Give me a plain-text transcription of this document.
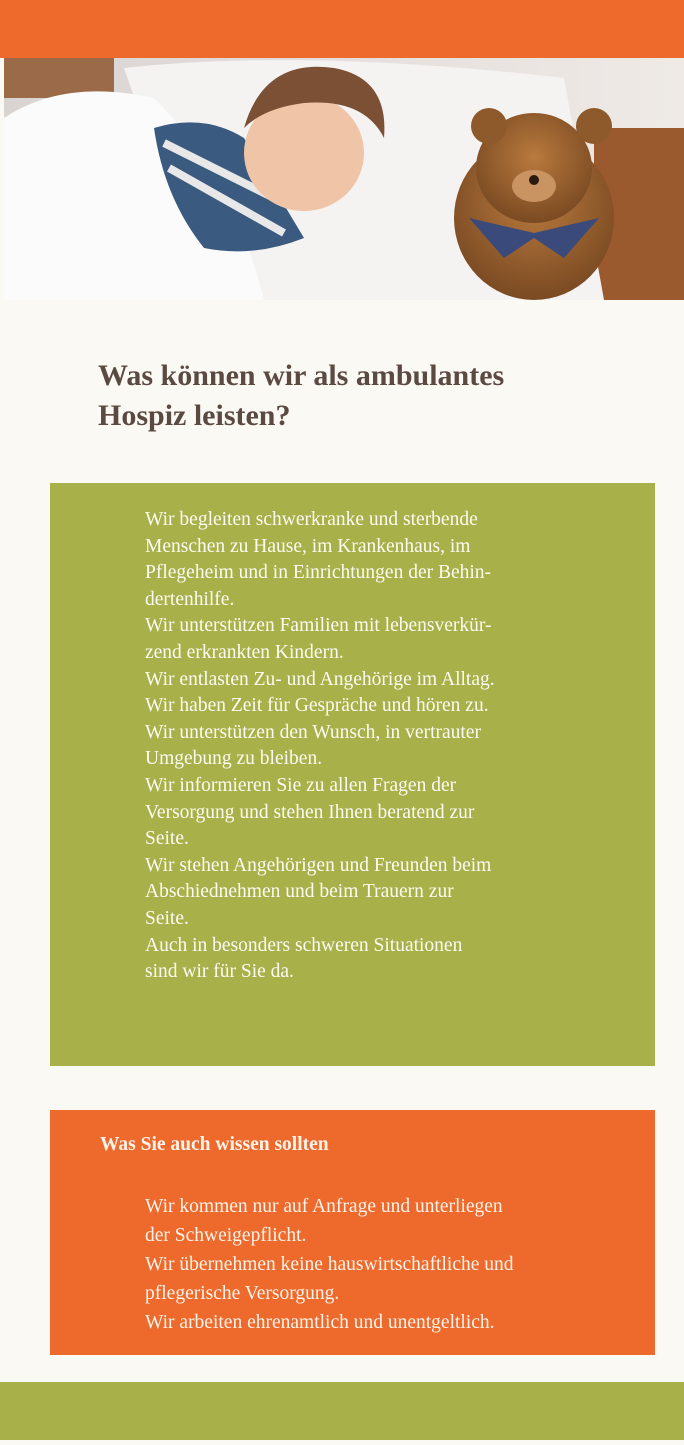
Was können wir als ambulantes
Hospiz leisten?
Wir begleiten schwerkranke und sterbende
Menschen zu Hause, im Krankenhaus, im
Pflegeheim und in Einrichtungen der Behin-
dertenhilfe.
Wir unterstützen Familien mit lebensverkür-
zend erkrankten Kindern.
Wir entlasten Zu- und Angehörige im Alltag.
Wir haben Zeit für Gespräche und hören zu.
Wir unterstützen den Wunsch, in vertrauter
Umgebung zu bleiben.
Wir informieren Sie zu allen Fragen der
Versorgung und stehen Ihnen beratend zur
Seite.
Wir stehen Angehörigen und Freunden beim
Abschiednehmen und beim Trauern zur
Seite.
Auch in besonders schweren Situationen
sind wir für Sie da.
Was Sie auch wissen sollten
Wir kommen nur auf Anfrage und unterliegen
der Schweigepflicht.
Wir übernehmen keine hauswirtschaftliche und
pflegerische Versorgung.
Wir arbeiten ehrenamtlich und unentgeltlich.
